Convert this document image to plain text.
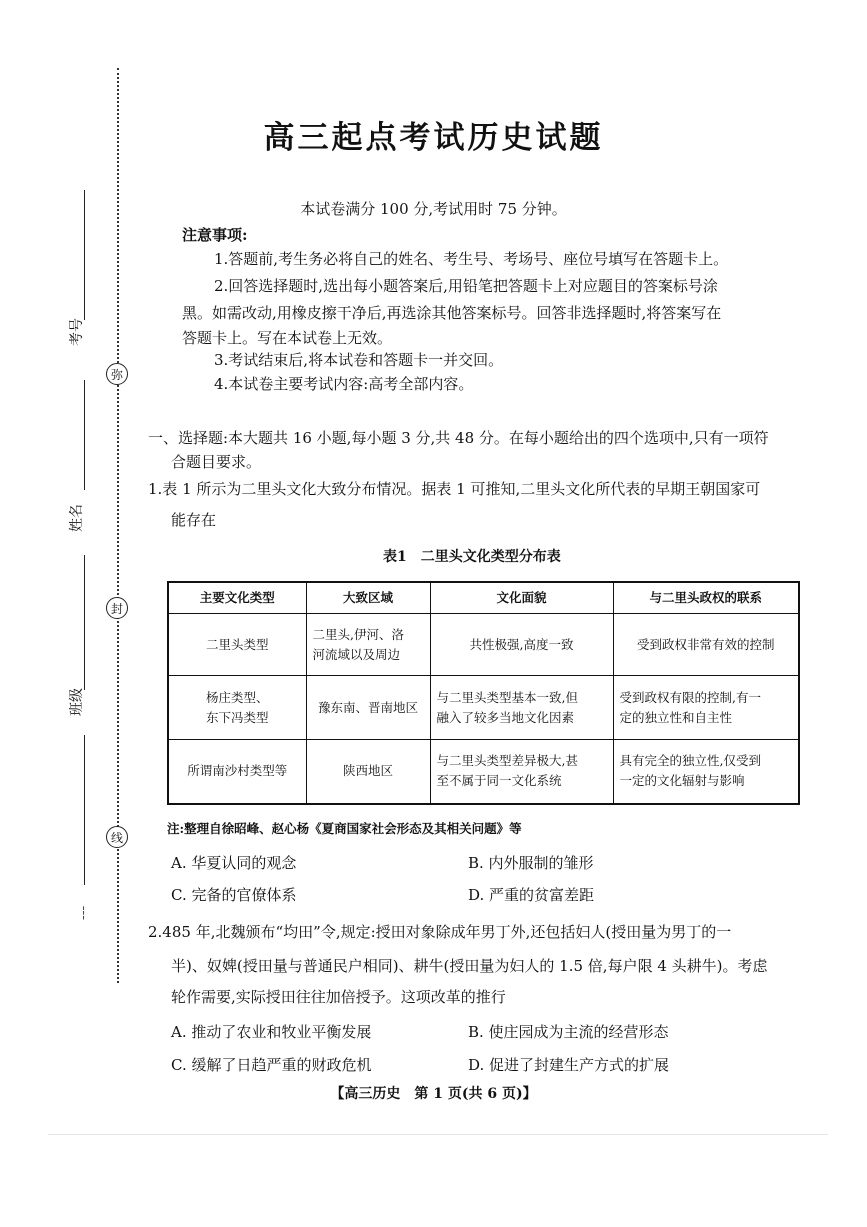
弥
封
线
考号
姓名
班级
┆
高三起点考试历史试题
本试卷满分 100 分,考试用时 75 分钟。
注意事项:
1.答题前,考生务必将自己的姓名、考生号、考场号、座位号填写在答题卡上。
2.回答选择题时,选出每小题答案后,用铅笔把答题卡上对应题目的答案标号涂
黑。如需改动,用橡皮擦干净后,再选涂其他答案标号。回答非选择题时,将答案写在
答题卡上。写在本试卷上无效。
3.考试结束后,将本试卷和答题卡一并交回。
4.本试卷主要考试内容:高考全部内容。
一、选择题:本大题共 16 小题,每小题 3 分,共 48 分。在每小题给出的四个选项中,只有一项符
合题目要求。
1.表 1 所示为二里头文化大致分布情况。据表 1 可推知,二里头文化所代表的早期王朝国家可
能存在
表1　二里头文化类型分布表
主要文化类型	大致区域	文化面貌	与二里头政权的联系
二里头类型	二里头,伊河、洛
河流域以及周边	共性极强,高度一致	受到政权非常有效的控制
杨庄类型、
东下冯类型	豫东南、晋南地区	与二里头类型基本一致,但
融入了较多当地文化因素	受到政权有限的控制,有一
定的独立性和自主性
所谓南沙村类型等	陕西地区	与二里头类型差异极大,甚
至不属于同一文化系统	具有完全的独立性,仅受到
一定的文化辐射与影响
注:整理自徐昭峰、赵心杨《夏商国家社会形态及其相关问题》等
A. 华夏认同的观念	B. 内外服制的雏形
C. 完备的官僚体系	D. 严重的贫富差距
2.485 年,北魏颁布“均田”令,规定:授田对象除成年男丁外,还包括妇人(授田量为男丁的一
半)、奴婢(授田量与普通民户相同)、耕牛(授田量为妇人的 1.5 倍,每户限 4 头耕牛)。考虑
轮作需要,实际授田往往加倍授予。这项改革的推行
A. 推动了农业和牧业平衡发展	B. 使庄园成为主流的经营形态
C. 缓解了日趋严重的财政危机	D. 促进了封建生产方式的扩展
【高三历史　第 1 页(共 6 页)】
